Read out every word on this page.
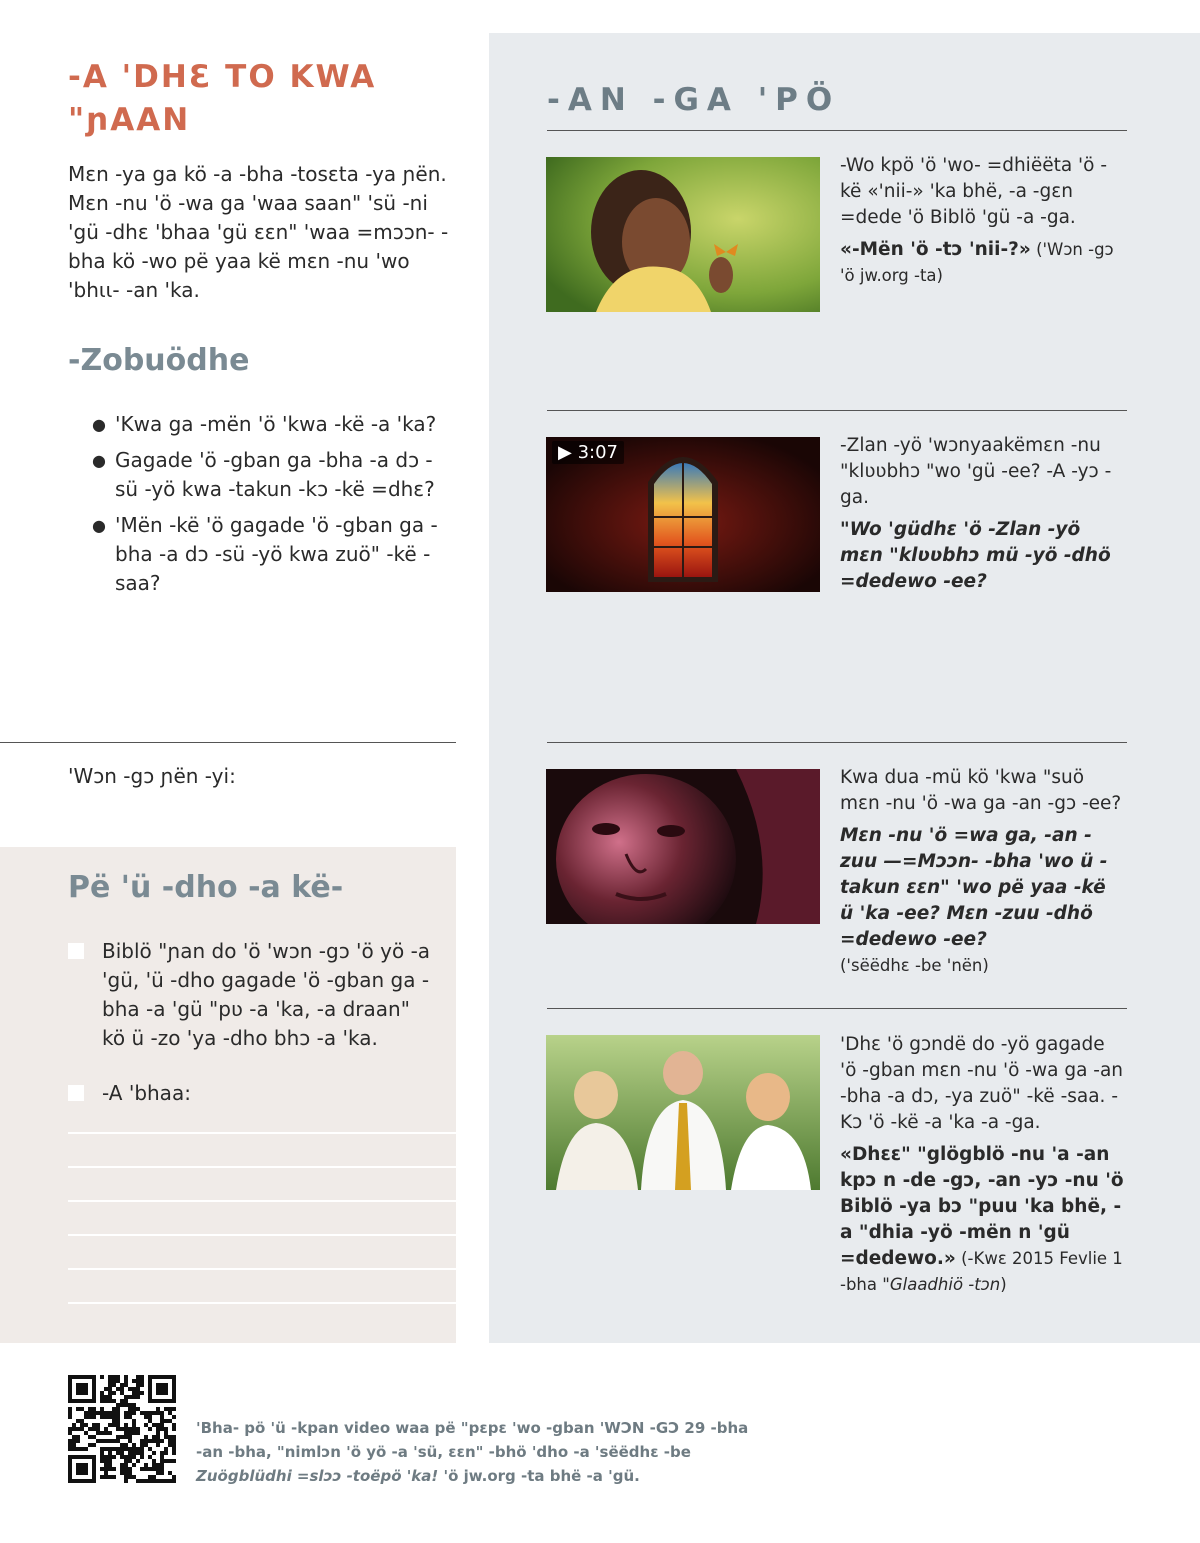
-A 'DHƐ TO KWA "ɲAAN

Mɛn -ya ga kö -a -bha -tosɛta -ya ɲën. Mɛn -nu 'ö -wa ga 'waa saan" 'sü -ni 'gü -dhɛ 'bhaa 'gü ɛɛn" 'waa =mɔɔn- -bha kö -wo pë yaa kë mɛn -nu 'wo 'bhɩɩ- -an 'ka.

-Zobuödhe
● 'Kwa ga -mën 'ö 'kwa -kë -a 'ka?
● Gagade 'ö -gban ga -bha -a dɔ -sü -yö kwa -takun -kɔ -kë =dhɛ?
● 'Mën -kë 'ö gagade 'ö -gban ga -bha -a dɔ -sü -yö kwa zuö" -kë -saa?
'Wɔn -gɔ ɲën -yi:
Pë 'ü -dho -a kë-
Biblö "ɲan do 'ö 'wɔn -gɔ 'ö yö -a 'gü, 'ü -dho gagade 'ö -gban ga -bha -a 'gü "pʋ -a 'ka, -a draan" kö ü -zo 'ya -dho bhɔ -a 'ka.
-A 'bhaa:
-AN -GA 'PÖ

-Wo kpö 'ö 'wo- =dhiëëta 'ö -kë «'nii-» 'ka bhë, -a -gɛn =dede 'ö Biblö 'gü -a -ga.

«-Mën 'ö -tɔ 'nii-?» ('Wɔn -gɔ 'ö jw.org -ta)

▶ 3:07	-Zlan -yö 'wɔnyaakëmɛn -nu "klʋʋbhɔ "wo 'gü -ee? -A -yɔ -ga.

"Wo 'güdhɛ 'ö -Zlan -yö mɛn "klʋʋbhɔ mü -yö -dhö =dedewo -ee?

Kwa dua -mü kö 'kwa "suö mɛn -nu 'ö -wa ga -an -gɔ -ee?

Mɛn -nu 'ö =wa ga, -an -zuu —=Mɔɔn- -bha 'wo ü -takun ɛɛn" 'wo pë yaa -kë ü 'ka -ee? Mɛn -zuu -dhö =dedewo -ee?

('sëëdhɛ -be 'nën)

'Dhɛ 'ö gɔndë do -yö gagade 'ö -gban mɛn -nu 'ö -wa ga -an -bha -a dɔ, -ya zuö" -kë -saa. -Kɔ 'ö -kë -a 'ka -a -ga.

«Dhɛɛ" "glögblö -nu 'a -an kpɔ n -de -gɔ, -an -yɔ -nu 'ö Biblö -ya bɔ "puu 'ka bhë, -a "dhia -yö -mën n 'gü =dedewo.» (-Kwɛ 2015 Fevlie 1 -bha "Glaadhiö -tɔn)

'Bha- pö 'ü -kpan video waa pë "pɛpɛ 'wo -gban 'WƆN -GƆ 29 -bha -an -bha, "nimlɔn 'ö yö -a 'sü, ɛɛn" -bhö 'dho -a 'sëëdhɛ -be Zuögblüdhi =slɔɔ -toëpö 'ka! 'ö jw.org -ta bhë -a 'gü.
